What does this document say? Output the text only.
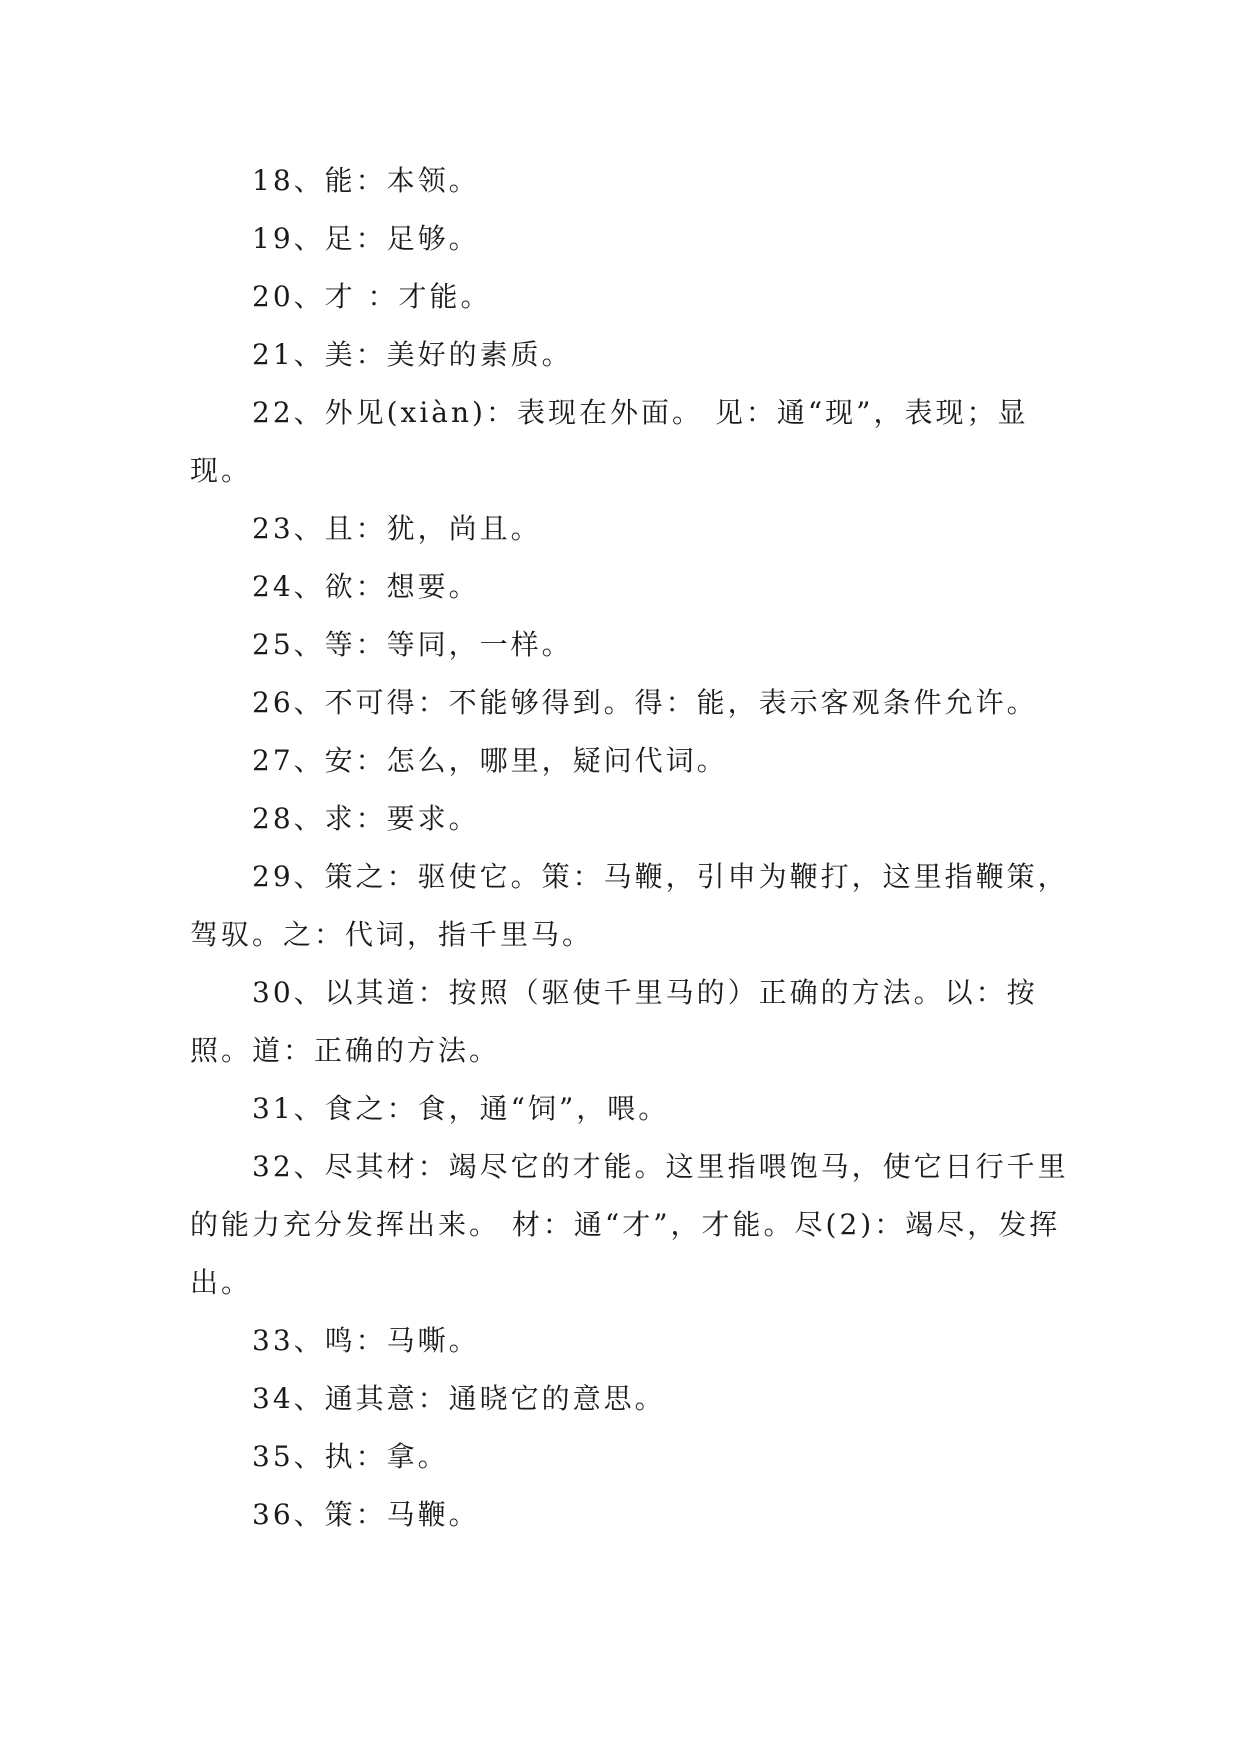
18、能：本领。

19、足：足够。

20、才 ：才能。

21、美：美好的素质。

22、外见(xiàn)：表现在外面。 见：通“现”，表现；显现。

23、且：犹，尚且。

24、欲：想要。

25、等：等同，一样。

26、不可得：不能够得到。得：能，表示客观条件允许。

27、安：怎么，哪里，疑问代词。

28、求：要求。

29、策之：驱使它。策：马鞭，引申为鞭打，这里指鞭策，驾驭。之：代词，指千里马。

30、以其道：按照（驱使千里马的）正确的方法。以：按照。道：正确的方法。

31、食之：食，通“饲”，喂。

32、尽其材：竭尽它的才能。这里指喂饱马，使它日行千里的能力充分发挥出来。 材：通“才”，才能。尽(2)：竭尽，发挥出。

33、鸣：马嘶。

34、通其意：通晓它的意思。

35、执：拿。

36、策：马鞭。
